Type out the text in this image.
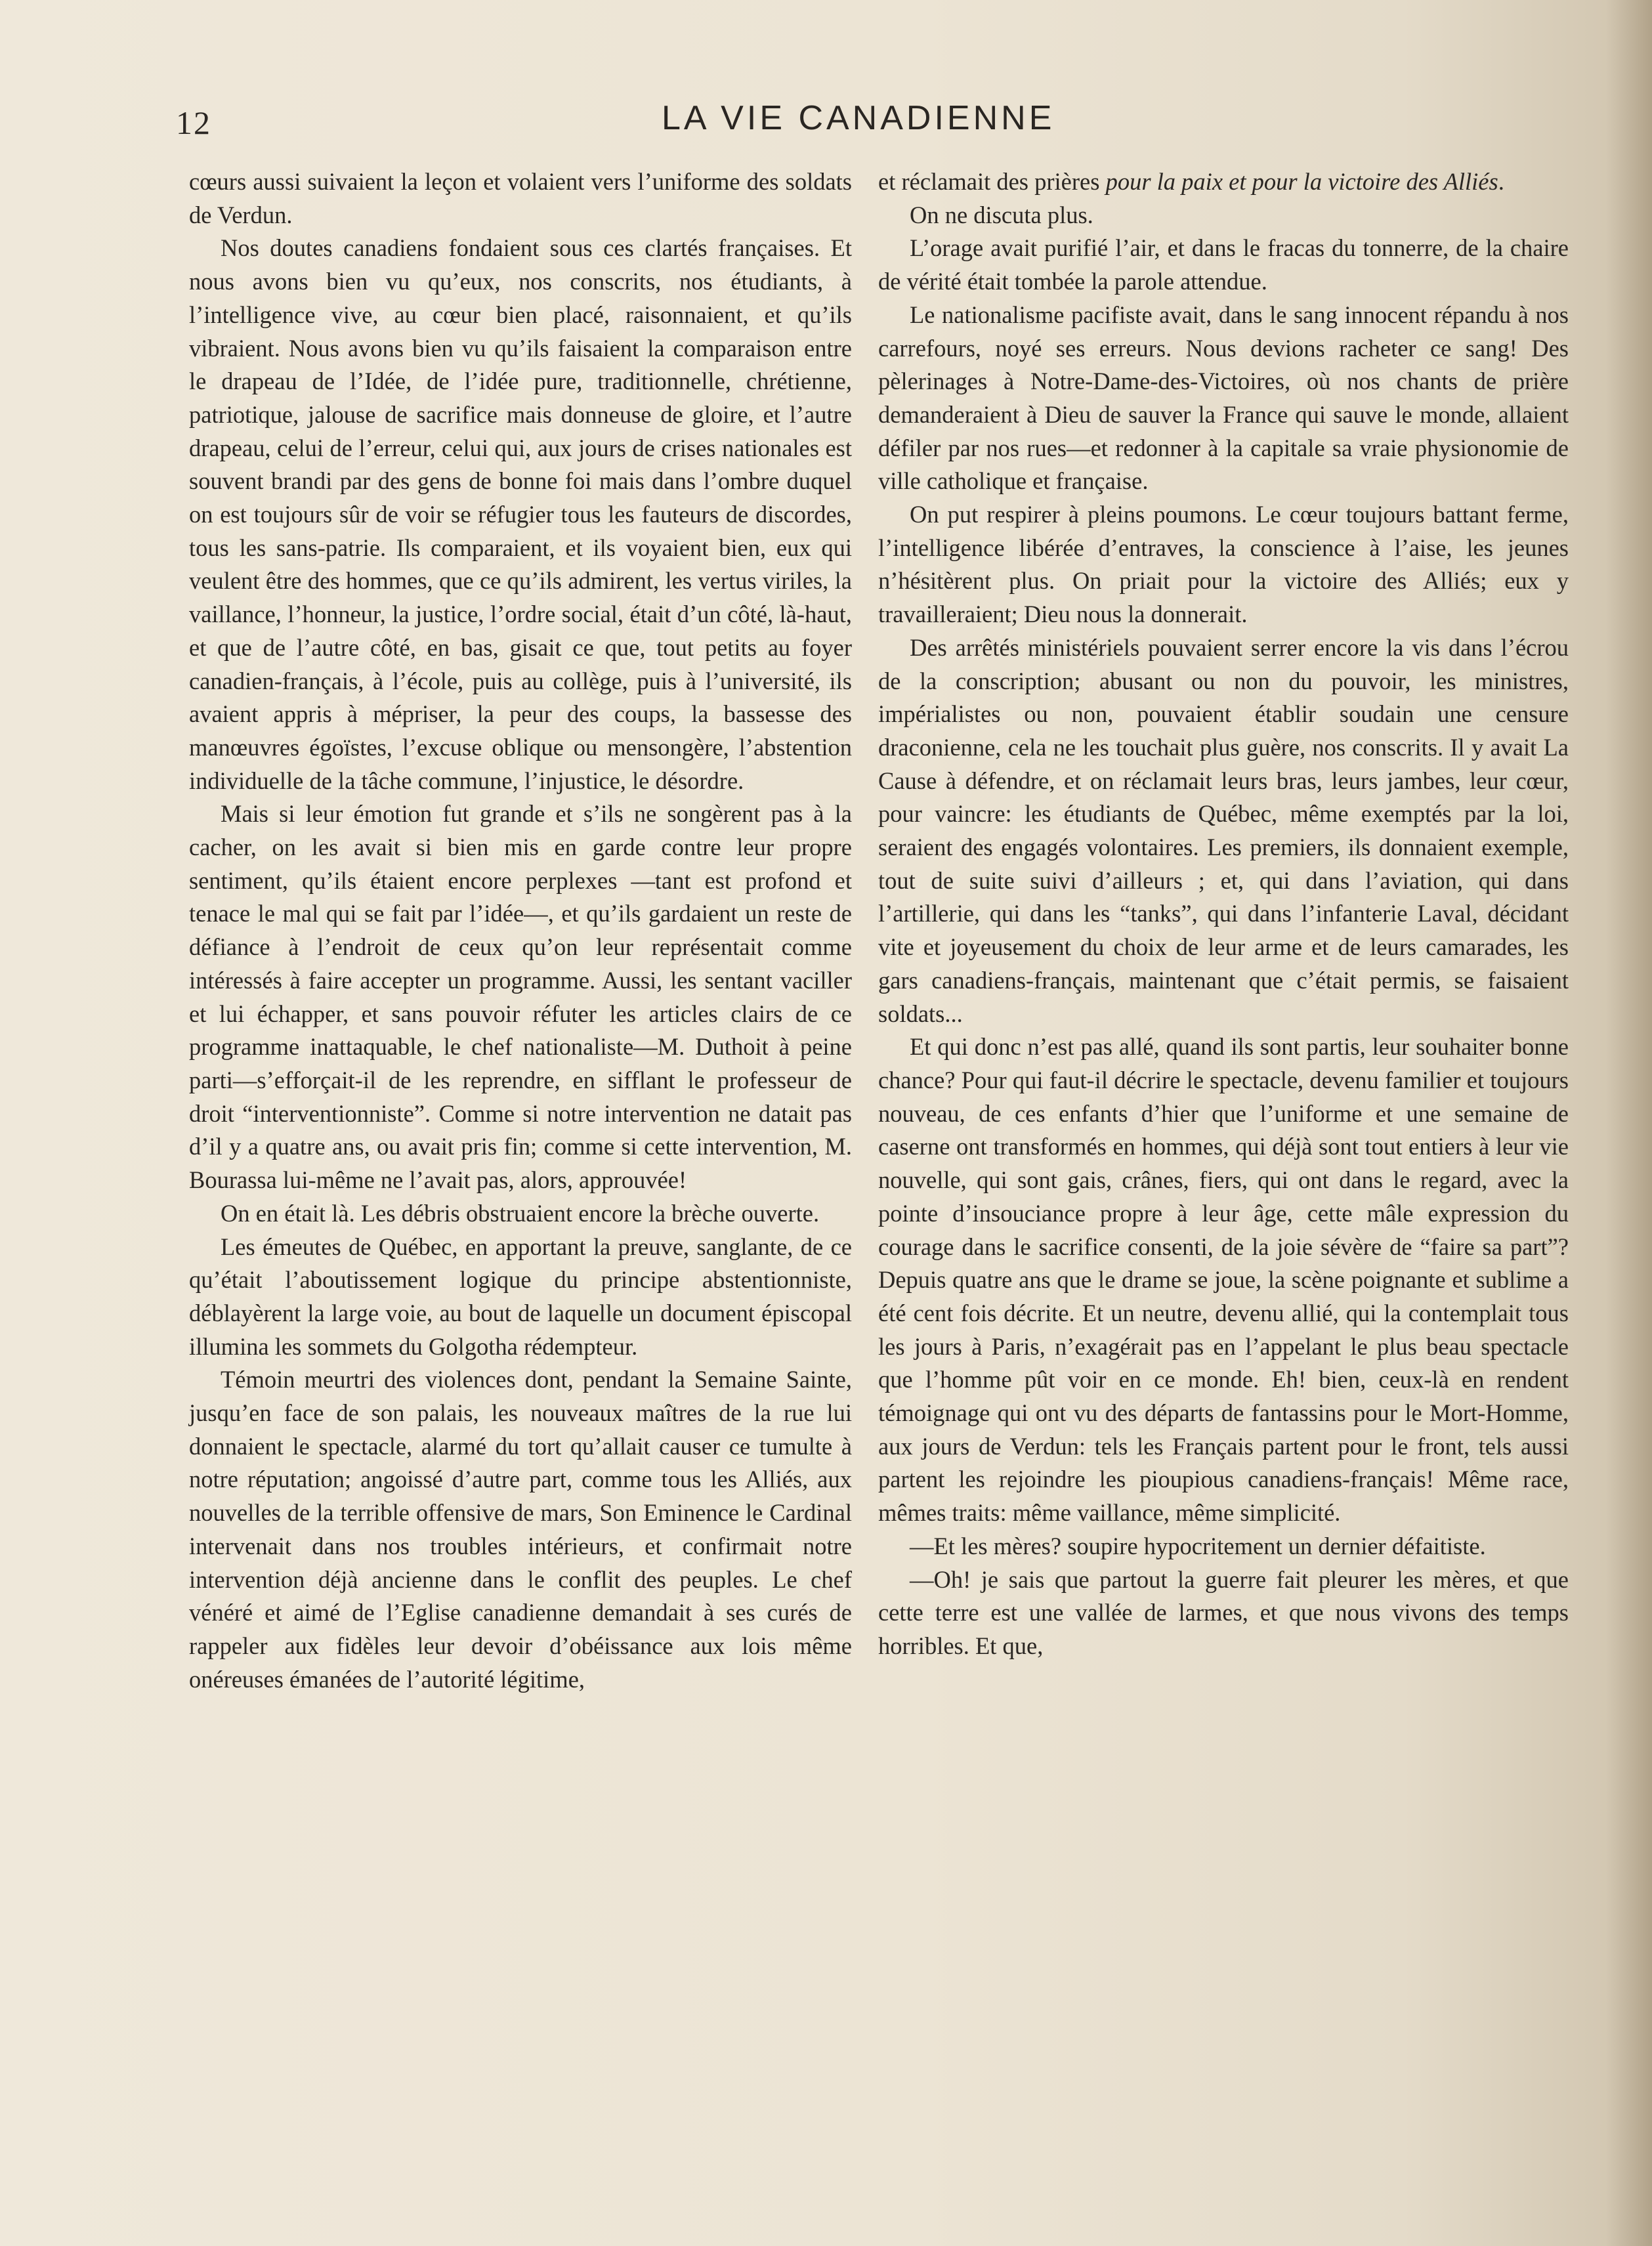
12	LA VIE CANADIENNE

cœurs aussi suivaient la leçon et volaient vers l’uniforme des soldats de Verdun.

Nos doutes canadiens fondaient sous ces clartés françaises. Et nous avons bien vu qu’eux, nos conscrits, nos étudiants, à l’intelligence vive, au cœur bien placé, raisonnaient, et qu’ils vibraient. Nous avons bien vu qu’ils faisaient la comparaison entre le drapeau de l’Idée, de l’idée pure, traditionnelle, chrétienne, patriotique, jalouse de sacrifice mais donneuse de gloire, et l’autre drapeau, celui de l’erreur, celui qui, aux jours de crises nationales est souvent brandi par des gens de bonne foi mais dans l’ombre duquel on est toujours sûr de voir se réfugier tous les fauteurs de discordes, tous les sans-patrie. Ils comparaient, et ils voyaient bien, eux qui veulent être des hommes, que ce qu’ils admirent, les vertus viriles, la vaillance, l’honneur, la justice, l’ordre social, était d’un côté, là-haut, et que de l’autre côté, en bas, gisait ce que, tout petits au foyer canadien-français, à l’école, puis au collège, puis à l’université, ils avaient appris à mépriser, la peur des coups, la bassesse des manœuvres égoïstes, l’excuse oblique ou mensongère, l’abstention individuelle de la tâche commune, l’injustice, le désordre.

Mais si leur émotion fut grande et s’ils ne songèrent pas à la cacher, on les avait si bien mis en garde contre leur propre sentiment, qu’ils étaient encore perplexes —tant est profond et tenace le mal qui se fait par l’idée—, et qu’ils gardaient un reste de défiance à l’endroit de ceux qu’on leur représentait comme intéressés à faire accepter un programme. Aussi, les sentant vaciller et lui échapper, et sans pouvoir réfuter les articles clairs de ce programme inattaquable, le chef nationaliste—M. Duthoit à peine parti—s’efforçait-il de les reprendre, en sifflant le professeur de droit “interventionniste”. Comme si notre intervention ne datait pas d’il y a quatre ans, ou avait pris fin; comme si cette intervention, M. Bourassa lui-même ne l’avait pas, alors, approuvée!

On en était là. Les débris obstruaient encore la brèche ouverte.

Les émeutes de Québec, en apportant la preuve, sanglante, de ce qu’était l’aboutissement logique du principe abstentionniste, déblayèrent la large voie, au bout de laquelle un document épiscopal illumina les sommets du Golgotha rédempteur.

Témoin meurtri des violences dont, pendant la Semaine Sainte, jusqu’en face de son palais, les nouveaux maîtres de la rue lui donnaient le spectacle, alarmé du tort qu’allait causer ce tumulte à notre réputation; angoissé d’autre part, comme tous les Alliés, aux nouvelles de la terrible offensive de mars, Son Eminence le Cardinal intervenait dans nos troubles intérieurs, et confirmait notre intervention déjà ancienne dans le conflit des peuples. Le chef vénéré et aimé de l’Eglise canadienne demandait à ses curés de rappeler aux fidèles leur devoir d’obéissance aux lois même onéreuses émanées de l’autorité légitime,

et réclamait des prières pour la paix et pour la victoire des Alliés.

On ne discuta plus.

L’orage avait purifié l’air, et dans le fracas du tonnerre, de la chaire de vérité était tombée la parole attendue.

Le nationalisme pacifiste avait, dans le sang innocent répandu à nos carrefours, noyé ses erreurs. Nous devions racheter ce sang! Des pèlerinages à Notre-Dame-des-Victoires, où nos chants de prière demanderaient à Dieu de sauver la France qui sauve le monde, allaient défiler par nos rues—et redonner à la capitale sa vraie physionomie de ville catholique et française.

On put respirer à pleins poumons. Le cœur toujours battant ferme, l’intelligence libérée d’entraves, la conscience à l’aise, les jeunes n’hésitèrent plus. On priait pour la victoire des Alliés; eux y travailleraient; Dieu nous la donnerait.

Des arrêtés ministériels pouvaient serrer encore la vis dans l’écrou de la conscription; abusant ou non du pouvoir, les ministres, impérialistes ou non, pouvaient établir soudain une censure draconienne, cela ne les touchait plus guère, nos conscrits. Il y avait La Cause à défendre, et on réclamait leurs bras, leurs jambes, leur cœur, pour vaincre: les étudiants de Québec, même exemptés par la loi, seraient des engagés volontaires. Les premiers, ils donnaient exemple, tout de suite suivi d’ailleurs ; et, qui dans l’aviation, qui dans l’artillerie, qui dans les “tanks”, qui dans l’infanterie Laval, décidant vite et joyeusement du choix de leur arme et de leurs camarades, les gars canadiens-français, maintenant que c’était permis, se faisaient soldats...

Et qui donc n’est pas allé, quand ils sont partis, leur souhaiter bonne chance? Pour qui faut-il décrire le spectacle, devenu familier et toujours nouveau, de ces enfants d’hier que l’uniforme et une semaine de caserne ont transformés en hommes, qui déjà sont tout entiers à leur vie nouvelle, qui sont gais, crânes, fiers, qui ont dans le regard, avec la pointe d’insouciance propre à leur âge, cette mâle expression du courage dans le sacrifice consenti, de la joie sévère de “faire sa part”? Depuis quatre ans que le drame se joue, la scène poignante et sublime a été cent fois décrite. Et un neutre, devenu allié, qui la contemplait tous les jours à Paris, n’exagérait pas en l’appelant le plus beau spectacle que l’homme pût voir en ce monde. Eh! bien, ceux-là en rendent témoignage qui ont vu des départs de fantassins pour le Mort-Homme, aux jours de Verdun: tels les Français partent pour le front, tels aussi partent les rejoindre les pioupious canadiens-français! Même race, mêmes traits: même vaillance, même simplicité.

—Et les mères? soupire hypocritement un dernier défaitiste.

—Oh! je sais que partout la guerre fait pleurer les mères, et que cette terre est une vallée de larmes, et que nous vivons des temps horribles. Et que,
